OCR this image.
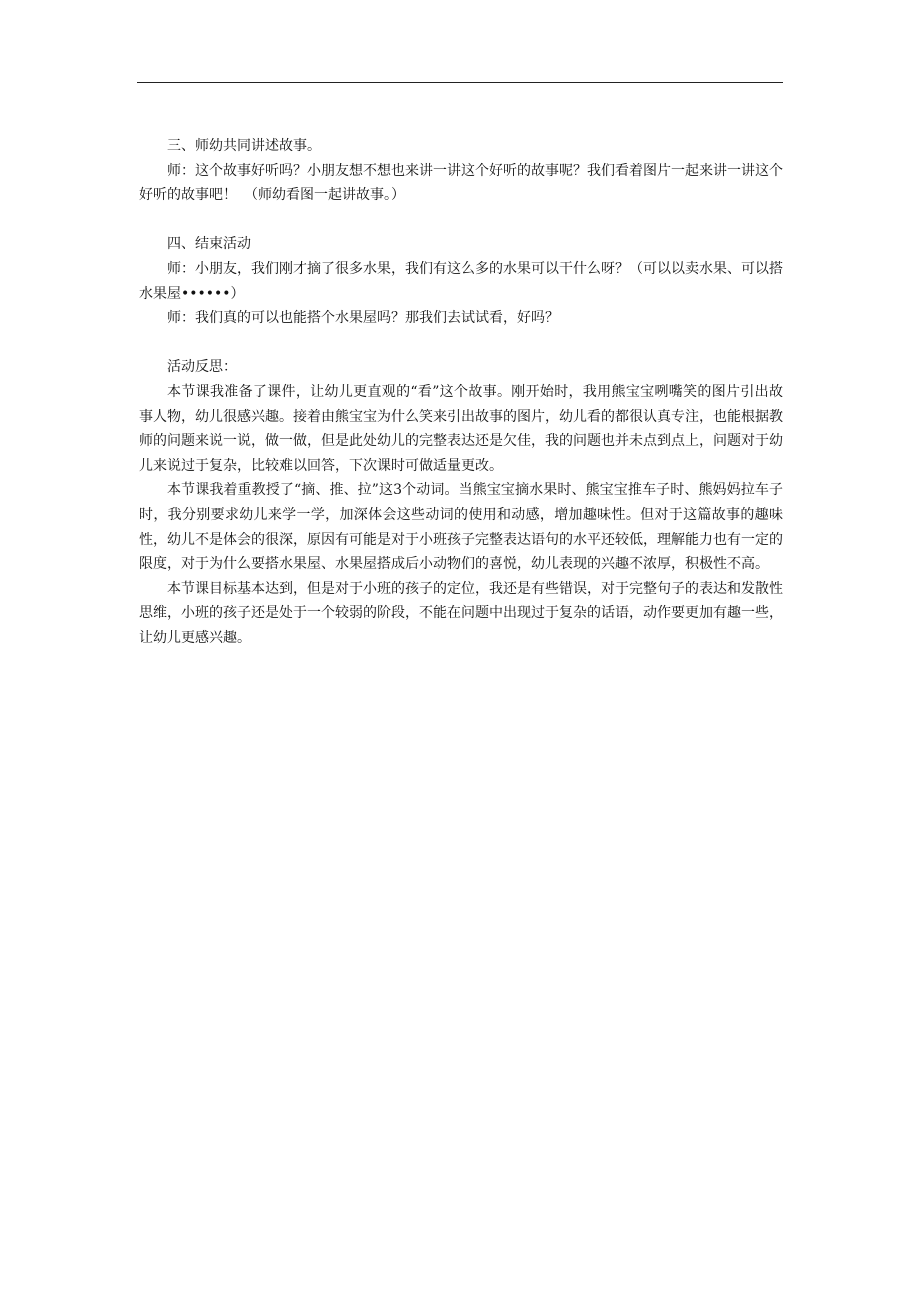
三、师幼共同讲述故事。

师：这个故事好听吗？小朋友想不想也来讲一讲这个好听的故事呢？我们看着图片一起来讲一讲这个好听的故事吧！　（师幼看图一起讲故事。）

四、结束活动

师：小朋友，我们刚才摘了很多水果，我们有这么多的水果可以干什么呀？（可以以卖水果、可以搭水果屋••••••）

师：我们真的可以也能搭个水果屋吗？那我们去试试看，好吗？

活动反思：

本节课我准备了课件，让幼儿更直观的“看”这个故事。刚开始时，我用熊宝宝咧嘴笑的图片引出故事人物，幼儿很感兴趣。接着由熊宝宝为什么笑来引出故事的图片，幼儿看的都很认真专注，也能根据教师的问题来说一说，做一做，但是此处幼儿的完整表达还是欠佳，我的问题也并未点到点上，问题对于幼儿来说过于复杂，比较难以回答，下次课时可做适量更改。

本节课我着重教授了“摘、推、拉”这3个动词。当熊宝宝摘水果时、熊宝宝推车子时、熊妈妈拉车子时，我分别要求幼儿来学一学，加深体会这些动词的使用和动感，增加趣味性。但对于这篇故事的趣味性，幼儿不是体会的很深，原因有可能是对于小班孩子完整表达语句的水平还较低，理解能力也有一定的限度，对于为什么要搭水果屋、水果屋搭成后小动物们的喜悦，幼儿表现的兴趣不浓厚，积极性不高。

本节课目标基本达到，但是对于小班的孩子的定位，我还是有些错误，对于完整句子的表达和发散性思维，小班的孩子还是处于一个较弱的阶段，不能在问题中出现过于复杂的话语，动作要更加有趣一些，让幼儿更感兴趣。
